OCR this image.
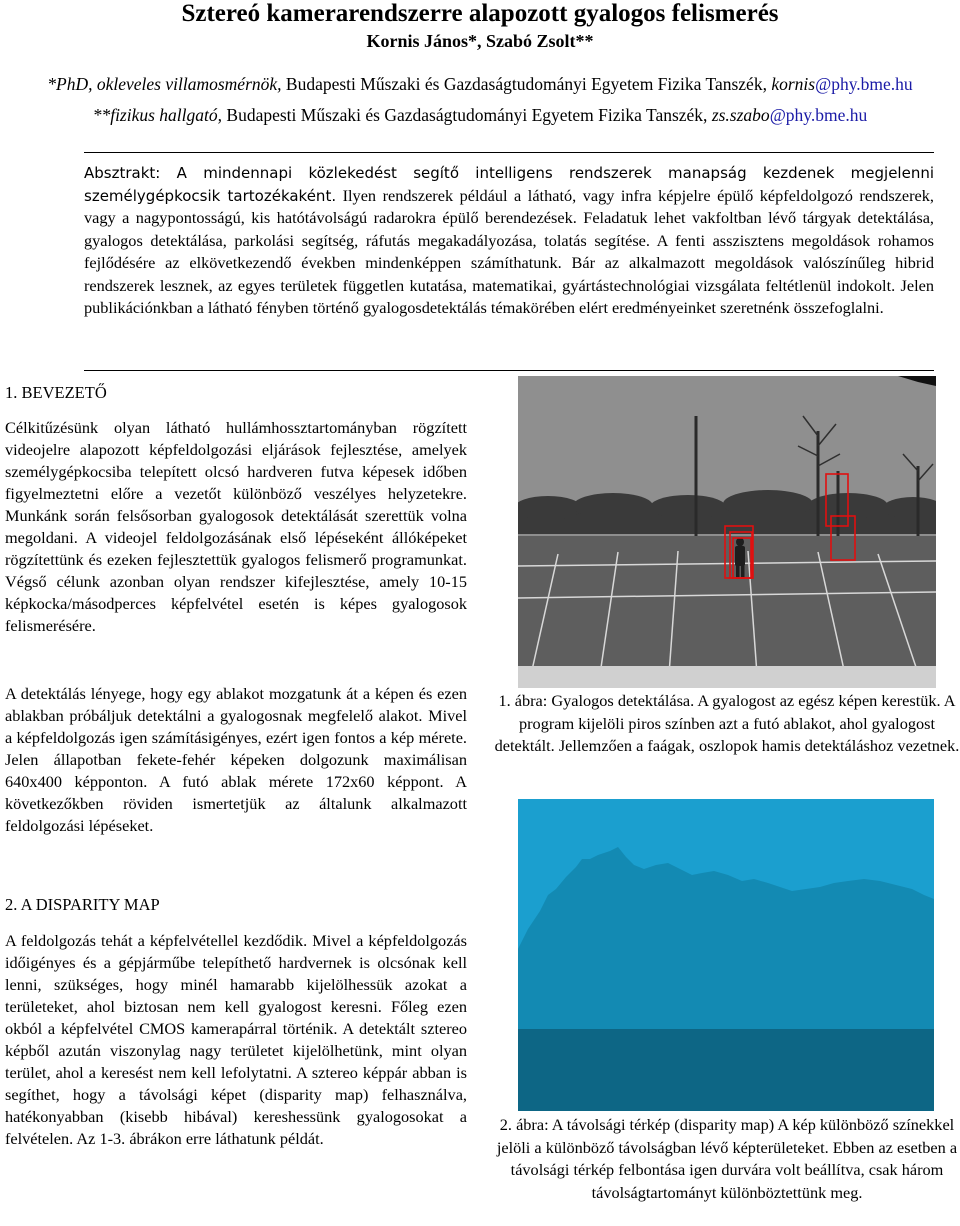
Sztereó kamerarendszerre alapozott gyalogos felismerés
Kornis János*, Szabó Zsolt**
*PhD, okleveles villamosmérnök, Budapesti Műszaki és Gazdaságtudományi Egyetem Fizika Tanszék, kornis@phy.bme.hu
**fizikus hallgató, Budapesti Műszaki és Gazdaságtudományi Egyetem Fizika Tanszék, zs.szabo@phy.bme.hu
Absztrakt: A mindennapi közlekedést segítő intelligens rendszerek manapság kezdenek megjelenni személygépkocsik tartozékaként. Ilyen rendszerek például a látható, vagy infra képjelre épülő képfeldolgozó rendszerek, vagy a nagypontosságú, kis hatótávolságú radarokra épülő berendezések. Feladatuk lehet vakfoltban lévő tárgyak detektálása, gyalogos detektálása, parkolási segítség, ráfutás megakadályozása, tolatás segítése. A fenti asszisztens megoldások rohamos fejlődésére az elkövetkezendő években mindenképpen számíthatunk. Bár az alkalmazott megoldások valószínűleg hibrid rendszerek lesznek, az egyes területek független kutatása, matematikai, gyártástechnológiai vizsgálata feltétlenül indokolt. Jelen publikációnkban a látható fényben történő gyalogosdetektálás témakörében elért eredményeinket szeretnénk összefoglalni.
1. BEVEZETŐ

Célkitűzésünk olyan látható hullámhossztartományban rögzített videojelre alapozott képfeldolgozási eljárások fejlesztése, amelyek személygépkocsiba telepített olcsó hardveren futva képesek időben figyelmeztetni előre a vezetőt különböző veszélyes helyzetekre. Munkánk során felsősorban gyalogosok detektálását szerettük volna megoldani. A videojel feldolgozásának első lépéseként állóképeket rögzítettünk és ezeken fejlesztettük gyalogos felismerő programunkat. Végső célunk azonban olyan rendszer kifejlesztése, amely 10-15 képkocka/másodperces képfelvétel esetén is képes gyalogosok felismerésére.

A detektálás lényege, hogy egy ablakot mozgatunk át a képen és ezen ablakban próbáljuk detektálni a gyalogosnak megfelelő alakot. Mivel a képfeldolgozás igen számításigényes, ezért igen fontos a kép mérete. Jelen állapotban fekete-fehér képeken dolgozunk maximálisan 640x400 képponton. A futó ablak mérete 172x60 képpont. A következőkben röviden ismertetjük az általunk alkalmazott feldolgozási lépéseket.

2. A DISPARITY MAP

A feldolgozás tehát a képfelvétellel kezdődik. Mivel a képfeldolgozás időigényes és a gépjárműbe telepíthető hardvernek is olcsónak kell lenni, szükséges, hogy minél hamarabb kijelölhessük azokat a területeket, ahol biztosan nem kell gyalogost keresni. Főleg ezen okból a képfelvétel CMOS kamerapárral történik. A detektált sztereo képből azután viszonylag nagy területet kijelölhetünk, mint olyan terület, ahol a keresést nem kell lefolytatni. A sztereo képpár abban is segíthet, hogy a távolsági képet (disparity map) felhasználva, hatékonyabban (kisebb hibával) kereshessünk gyalogosokat a felvételen. Az 1-3. ábrákon erre láthatunk példát.

1. ábra: Gyalogos detektálása. A gyalogost az egész képen kerestük. A program kijelöli piros színben azt a futó ablakot, ahol gyalogost detektált. Jellemzően a faágak, oszlopok hamis detektáláshoz vezetnek.
2. ábra: A távolsági térkép (disparity map) A kép különböző színekkel jelöli a különböző távolságban lévő képterületeket. Ebben az esetben a távolsági térkép felbontása igen durvára volt beállítva, csak három távolságtartományt különböztettünk meg.
